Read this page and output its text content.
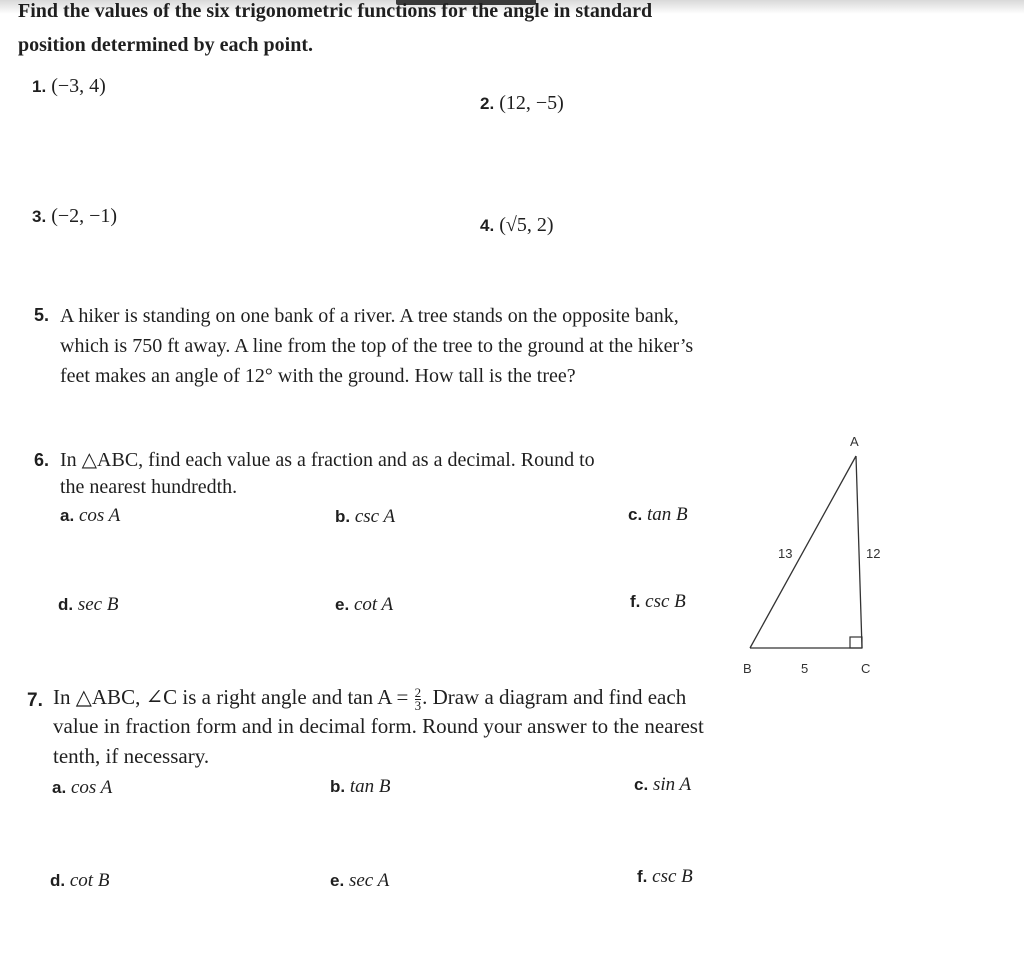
Find the values of the six trigonometric functions for the angle in standard
position determined by each point.
1. (−3, 4)
2. (12, −5)
3. (−2, −1)	4. (√5, 2)
5. A hiker is standing on one bank of a river. A tree stands on the opposite bank,
which is 750 ft away. A line from the top of the tree to the ground at the hiker’s
feet makes an angle of 12° with the ground. How tall is the tree?
6. In △ABC, find each value as a fraction and as a decimal. Round to
the nearest hundredth.
a. cos A	b. csc A	c. tan B
d. sec B	e. cot A	f. csc B
A
B	C
13	12
5
7. In △ABC, ∠C is a right angle and $\tan A = \frac{2}{3}$ . Draw a diagram and find each
value in fraction form and in decimal form. Round your answer to the nearest
tenth, if necessary.
a. cos A	b. tan B	c. sin A
d. cot B	e. sec A	f. csc B
